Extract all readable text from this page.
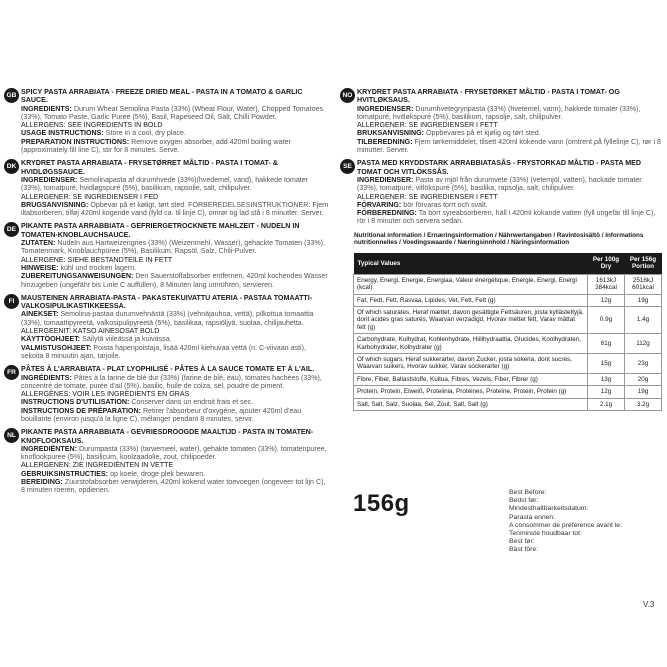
GB SPICY PASTA ARRABIATA - FREEZE DRIED MEAL - PASTA IN A TOMATO & GARLIC SAUCE.
INGREDIENTS: Durum Wheat Semolina Pasta (33%) (Wheat Flour, Water), Chopped Tomatoes (33%), Tomato Paste, Garlic Puree (5%), Basil, Rapeseed Oil, Salt, Chilli Powder.
ALLERGENS: SEE INGREDIENTS IN BOLD
USAGE INSTRUCTIONS: Store in a cool, dry place.
PREPARATION INSTRUCTIONS: Remove oxygen absorber, add 420ml boiling water (approximately fill line C), stir for 8 minutes. Serve.
DK KRYDRET PASTA ARRABIATA - FRYSETØRRET MÅLTID - PASTA I TOMAT- & HVIDLØGSSAUCE.
INGREDIENSER: Semolinapasta af durumhvede (33%)(hvedemel, vand), hakkede tomater (33%), tomatpuré, hvidløgspuré (5%), basilikum, rapsolie, salt, chilipulver.
ALLERGENER: SE INGREDIENSER I FED
BRUGSANVISNING: Opbevar på et køligt, tørt sted. FORBEREDELSESINSTRUKTIONER: Fjern iltabsorberen, tilføj 420ml kogende vand (fyld ca. til linje C), omrør og lad stå i 8 minutter. Server.
DE PIKANTE PASTA ARRABBIATA - GEFRIERGETROCKNETE MAHLZEIT - NUDELN IN TOMATEN-KNOBLAUCHSAUCE.
ZUTATEN: Nudeln aus Hartweizengries (33%) (Weizenmehl, Wasser), gehackte Tomaten (33%), Tomatenmark, Knoblauchpüree (5%), Basilikum, Rapsöl, Salz, Chili-Pulver.
ALLERGENE: SIEHE BESTANDTEILE IN FETT
HINWEISE: kühl und trocken lagern.
ZUBEREITUNGSANWEISUNGEN: Den Sauerstoffabsorber entfernen, 420ml kochendes Wasser hinzugeben (ungefähr bis Linie C auffüllen), 8 Minuten lang umrühren, servieren.
FI MAUSTEINEN ARRABIATA-PASTA - PAKASTEKUIVATTU ATERIA - PASTAA TOMAATTI-VALKOSIPULIKASTIKKEESSA.
AINEKSET: Semolina-pastaa durumvehnästä (33%) (vehnäjauhoa, vettä), pilkottua tomaattia (33%), tomaattipyreetä, valkosipulipyreetä (5%), basilikaa, rapsiöljyä, suolaa, chilijauhetta.
ALLERGEENIT: KATSO AINESOSAT BOLD
KÄYTTÖOHJEET: Säilytä viileässä ja kuivassa.
VALMISTUSOHJEET: Poista hapenpoistaja, lisää 420ml kiehuvaa vettä (n. C-viivaan asti), sekoita 8 minuutin ajan, tarjoile.
FR PÂTES À L'ARRABIATA - PLAT LYOPHILISÉ - PÂTES À LA SAUCE TOMATE ET À L'AIL.
INGRÉDIENTS: Pâtes à la farine de blé dur (33%) (farine de blé, eau), tomates hachées (33%), concentré de tomate, purée d'ail (5%), basilic, huile de colza, sel, poudre de piment.
ALLERGÈNES: VOIR LES INGRÉDIENTS EN GRAS
INSTRUCTIONS D'UTILISATION: Conserver dans un endroit frais et sec.
INSTRUCTIONS DE PRÉPARATION: Retirer l'absorbeur d'oxygène, ajouter 420ml d'eau bouillante (environ jusqu'à la ligne C), mélanger pendant 8 minutes, servir.
NL PIKANTE PASTA ARRABBIATA - GEVRIESDROOGDE MAALTIJD - PASTA IN TOMATEN-KNOFLOOKSAUS.
INGREDIËNTEN: Durumpasta (33%) (tarwemeel, water), gehakte tomaten (33%), tomatenpuree, knoflookpuree (5%), basilicum, koolzaadolie, zout, chilipoeder.
ALLERGENEN: ZIE INGREDIËNTEN IN VETTE
GEBRUIKSINSTRUCTIES: op koele, droge plek bewaren.
BEREIDING: Zuurstofabsorber verwijderen, 420ml kokend water toevoegen (ongeveer tot lijn C), 8 minuten roeren, opdienen.
NO KRYDRET PASTA ARRABIATA - FRYSETØRKET MÅLTID - PASTA I TOMAT- OG HVITLØKSAUS.
INGREDIENSER: Durumhvetegrynpasta (33%) (hvetemel, vann), hakkede tomater (33%), tomatpuré, hvitløkspuré (5%), basilikum, rapsolje, salt, chilipulver.
ALLERGENER: SE INGREDIENSER I FETT
BRUKSANVISNING: Oppbevares på et kjølig og tørt sted.
TILBEREDNING: Fjern tørkemiddelet, tilsett 420ml kokende vann (omtrent på fyllelinje C), rør i 8 minutter. Server.
SE PASTA MED KRYDDSTARK ARRABBIATASÅS - FRYSTORKAD MÅLTID - PASTA MED TOMAT OCH VITLÖKSSÅS.
INGREDIENSER: Pasta av mjöl från durumvete (33%) (vetemjöl, vatten), hackade tomater (33%), tomatpuré, vitlökspuré (5%), basilika, rapsolja, salt, chilipulver.
ALLERGENER: SE INGREDIENSER I FETT
FÖRVARING: bör förvaras torrt och svalt.
FÖRBEREDNING: Ta bort syreabsorberen, häll i 420ml kokande vatten (fyll ungefär till linje C), rör i 8 minuter och servera sedan.
Nutritional information / Ernæringsinformation / Nährwertangaben / Ravintosisältö / Informations nutritionnelles / Voedingswaarde / Næringsinnhold / Näringsinformation
Typical Values	Per 100g Dry	Per 156g Portion
Energy, Energi, Energie, Energiaa, Valeur énergétique, Energie, Energi, Energi (kcal)	1613kJ 384kcal	2516kJ 601kcal
Fat, Fedt, Fett, Rasvaa, Lipides, Vet, Fett, Fett (g)	12g	19g
Of which saturates, Heraf mættet, davon gesättigte Fettsäuren, josta kyllästettyjä, dont acides gras saturés, Waarvan verzadigd, Hvorav mettet fett, Varav mättat fett (g)	0.9g	1.4g
Carbohydrate, Kulhydrat, Kohlenhydrate, Hiilihydraattia, Glucides, Koolhydraten, Karbohydrater, Kolhydrater (g)	61g	112g
Of which sugars, Heraf sukkerarter, davon Zucker, josta sokeria, dont sucres, Waarvan suikers, Hvorav sukker, Varav sockerarter (g)	15g	23g
Fibre, Fiber, Ballaststoffe, Kuitua, Fibres, Vezels, Fiber, Fibrer (g)	13g	20g
Protein, Protein, Eiweiß, Proteiinia, Protéines, Proteïne, Protein, Protein (g)	12g	19g
Salt, Salt, Salz, Suolaa, Sel, Zout, Salt, Salt (g)	2.1g	3.2g
156g	Best Before:
Bedst før:
Mindesthaltbarkeitsdatum:
Parasta ennen:
A consommer de préférence avant le:
Tenminste houdbaar tot:
Best før:
Bäst före:
V.3
